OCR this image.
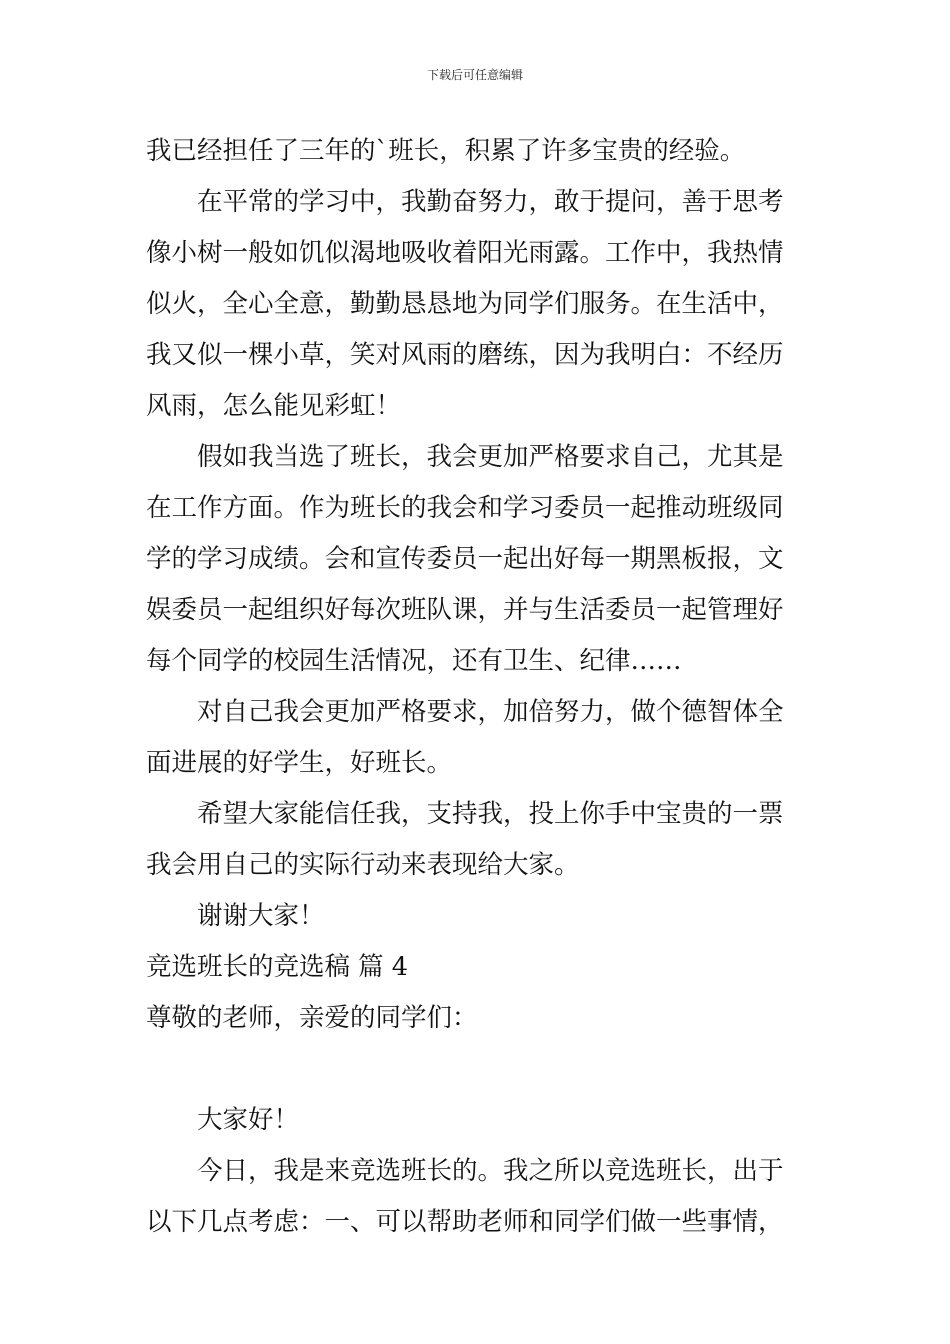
下载后可任意编辑

我已经担任了三年的`班长，积累了许多宝贵的经验。

在平常的学习中，我勤奋努力，敢于提问，善于思考

像小树一般如饥似渴地吸收着阳光雨露。工作中，我热情

似火，全心全意，勤勤恳恳地为同学们服务。在生活中，

我又似一棵小草，笑对风雨的磨练，因为我明白：不经历

风雨，怎么能见彩虹！

假如我当选了班长，我会更加严格要求自己，尤其是

在工作方面。作为班长的我会和学习委员一起推动班级同

学的学习成绩。会和宣传委员一起出好每一期黑板报，文

娱委员一起组织好每次班队课，并与生活委员一起管理好

每个同学的校园生活情况，还有卫生、纪律……

对自己我会更加严格要求，加倍努力，做个德智体全

面进展的好学生，好班长。

希望大家能信任我，支持我，投上你手中宝贵的一票

我会用自己的实际行动来表现给大家。

谢谢大家！

竞选班长的竞选稿 篇 4

尊敬的老师，亲爱的同学们：

大家好！

今日，我是来竞选班长的。我之所以竞选班长，出于

以下几点考虑：一、可以帮助老师和同学们做一些事情，
